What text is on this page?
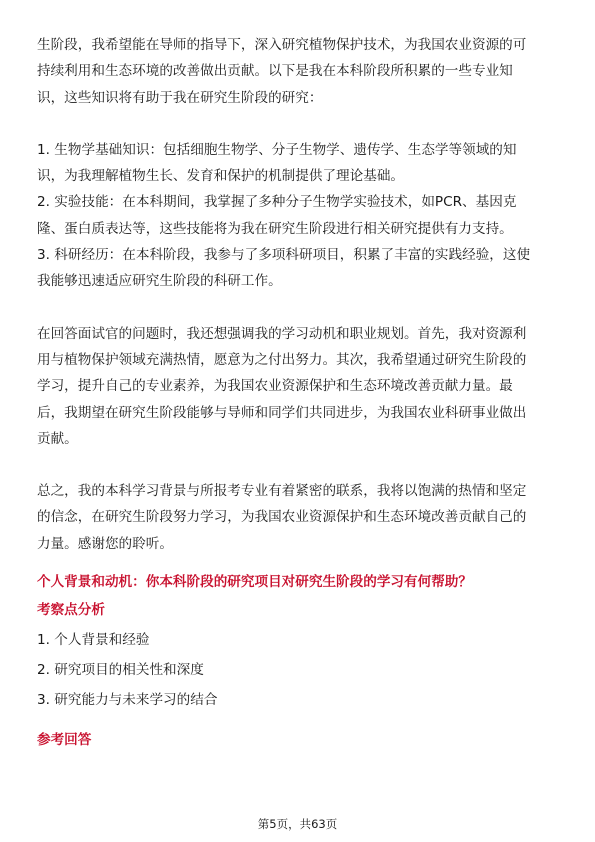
生阶段，我希望能在导师的指导下，深入研究植物保护技术，为我国农业资源的可
持续利用和生态环境的改善做出贡献。以下是我在本科阶段所积累的一些专业知
识，这些知识将有助于我在研究生阶段的研究：

1. 生物学基础知识：包括细胞生物学、分子生物学、遗传学、生态学等领域的知
识，为我理解植物生长、发育和保护的机制提供了理论基础。
2. 实验技能：在本科期间，我掌握了多种分子生物学实验技术，如PCR、基因克
隆、蛋白质表达等，这些技能将为我在研究生阶段进行相关研究提供有力支持。
3. 科研经历：在本科阶段，我参与了多项科研项目，积累了丰富的实践经验，这使
我能够迅速适应研究生阶段的科研工作。

在回答面试官的问题时，我还想强调我的学习动机和职业规划。首先，我对资源利
用与植物保护领域充满热情，愿意为之付出努力。其次，我希望通过研究生阶段的
学习，提升自己的专业素养，为我国农业资源保护和生态环境改善贡献力量。最
后，我期望在研究生阶段能够与导师和同学们共同进步，为我国农业科研事业做出
贡献。

总之，我的本科学习背景与所报考专业有着紧密的联系，我将以饱满的热情和坚定
的信念，在研究生阶段努力学习，为我国农业资源保护和生态环境改善贡献自己的
力量。感谢您的聆听。

个人背景和动机：你本科阶段的研究项目对研究生阶段的学习有何帮助？

考察点分析

1. 个人背景和经验
2. 研究项目的相关性和深度
3. 研究能力与未来学习的结合

参考回答

第5页，共63页
